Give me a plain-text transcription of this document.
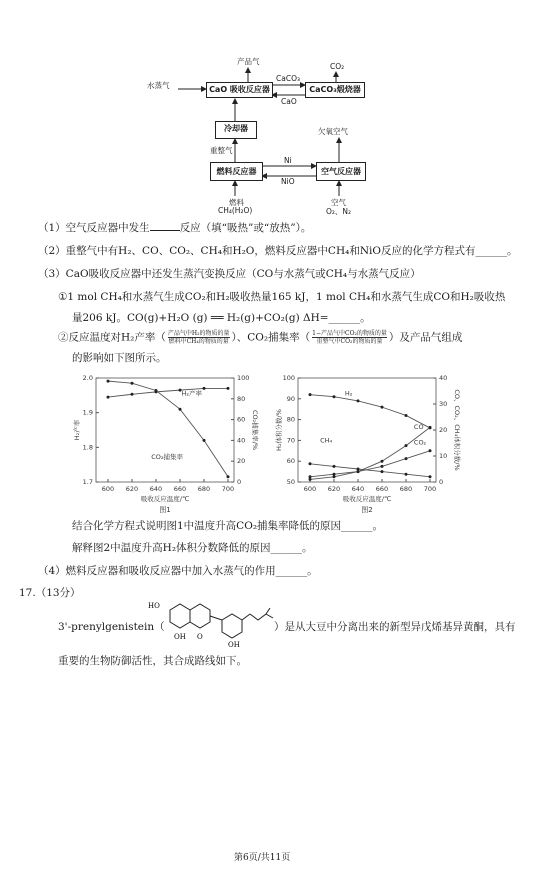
水蒸气
产品气
CaCO₃
CaO
CO₂
CaO 吸收反应器	CaCO₃煅烧器
冷却器
重整气
燃料反应器	空气反应器
Ni
NiO
欠氧空气
燃料
CH₄(H₂O)
空气
O₂、N₂
（1）空气反应器中发生	反应（填“吸热”或“放热”）。
（2）重整气中有H₂、CO、CO₂、CH₄和H₂O，燃料反应器中CH₄和NiO反应的化学方程式有______。
（3）CaO吸收反应器中还发生蒸汽变换反应（CO与水蒸气或CH₄与水蒸气反应）
①1 mol CH₄和水蒸气生成CO₂和H₂吸收热量165 kJ，1 mol CH₄和水蒸气生成CO和H₂吸收热
量206 kJ。CO(g)+H₂O (g) ══ H₂(g)+CO₂(g) ΔH=______。
②反应温度对H₂产率（ $\frac{\text{产品气中H₂的物质的量}}{\text{燃料中CH₄的物质的量}}$ ）、CO₂捕集率（ $\frac{\text{1−产品气中CO₂的物质的量}}{\text{重整气中CO₂的物质的量}}$ ）及产品气组成
的影响如下图所示。
600 620 640 660 680 700
2.0
1.9
1.8
1.7
100
80
60
40
20
0
吸收反应温度/℃
H₂产率	CO₂捕集率/%
图1
H₂产率
CO₂捕集率
600 620 640 660 680 700
100
90
80
70
60
50
40
30
20
10
0
吸收反应温度/℃
H₂体积分数/%	CO、CO₂、CH₄体积分数/%
图2
H₂
CH₄
CO
CO₂
结合化学方程式说明图1中温度升高CO₂捕集率降低的原因______。
解释图2中温度升高H₂体积分数降低的原因______。
（4）燃料反应器和吸收反应器中加入水蒸气的作用______。
17.（13分）
3'-prenylgenistein（
HO
OH O
OH
）是从大豆中分离出来的新型异戊烯基异黄酮，具有
重要的生物防御活性，其合成路线如下。
第6页/共11页
